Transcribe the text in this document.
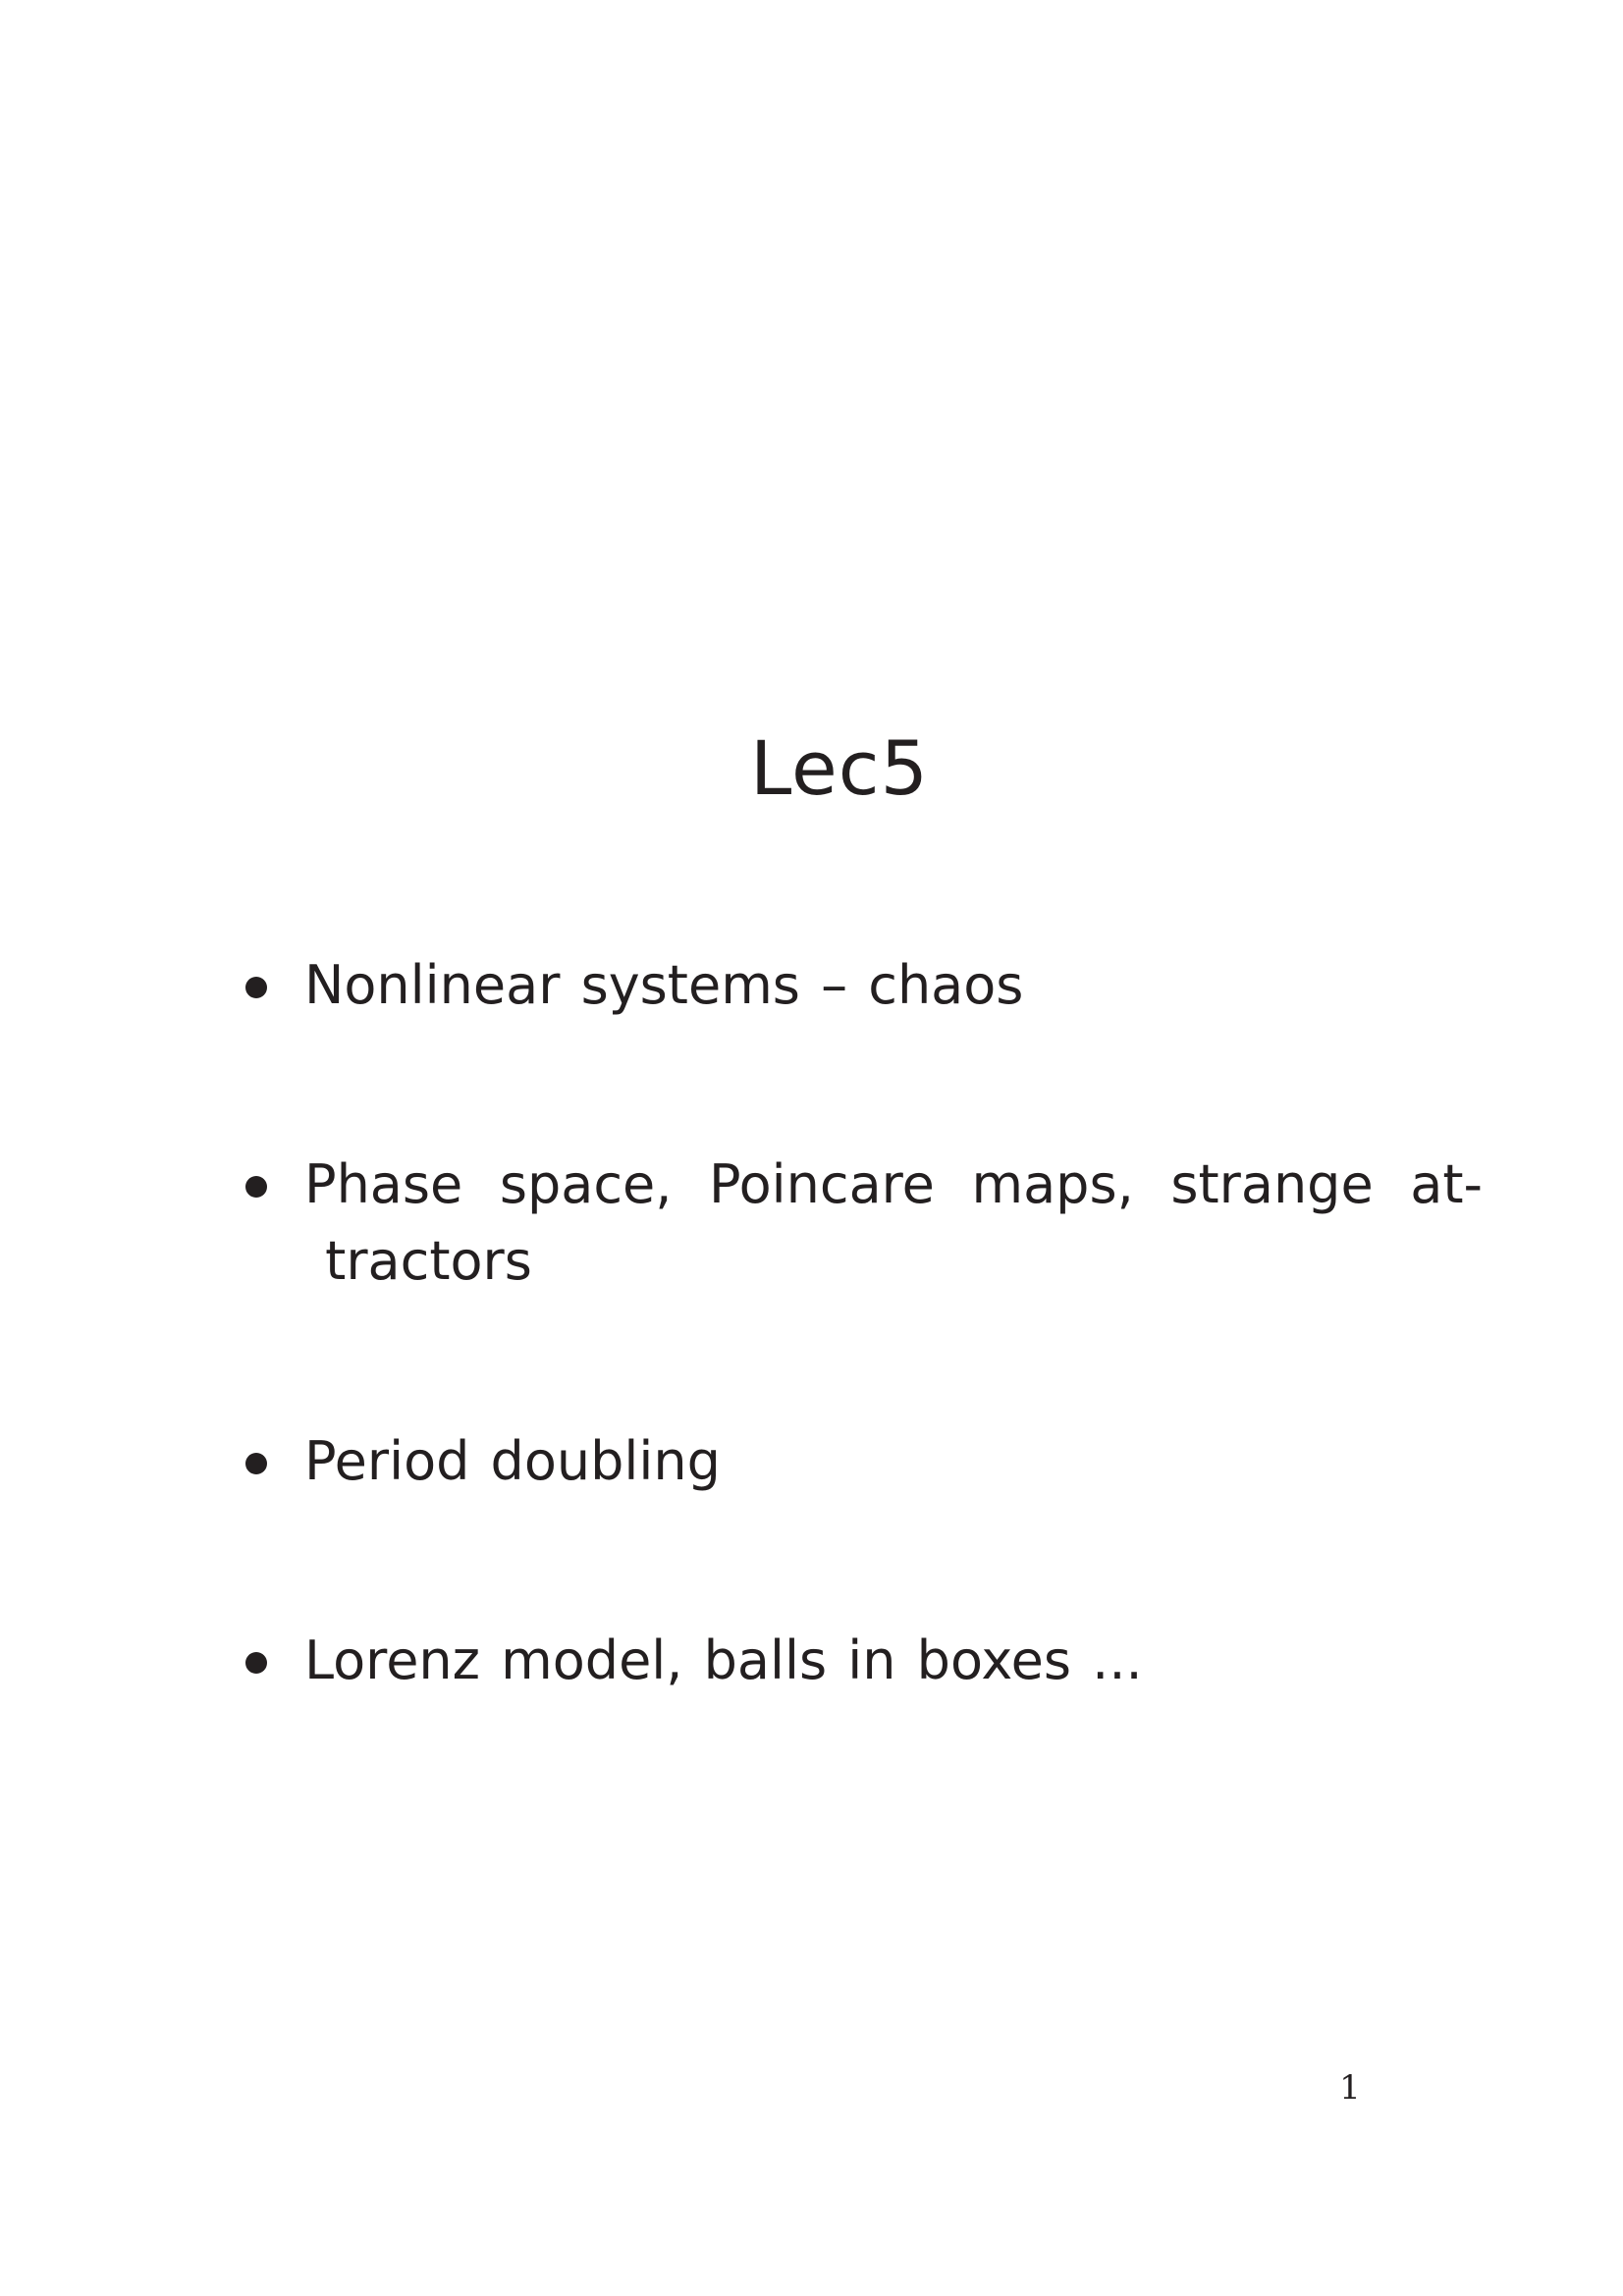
Lec5
Nonlinear systems – chaos
Phase space, Poincare maps, strange at- tractors
Period doubling
Lorenz model, balls in boxes ...
1
